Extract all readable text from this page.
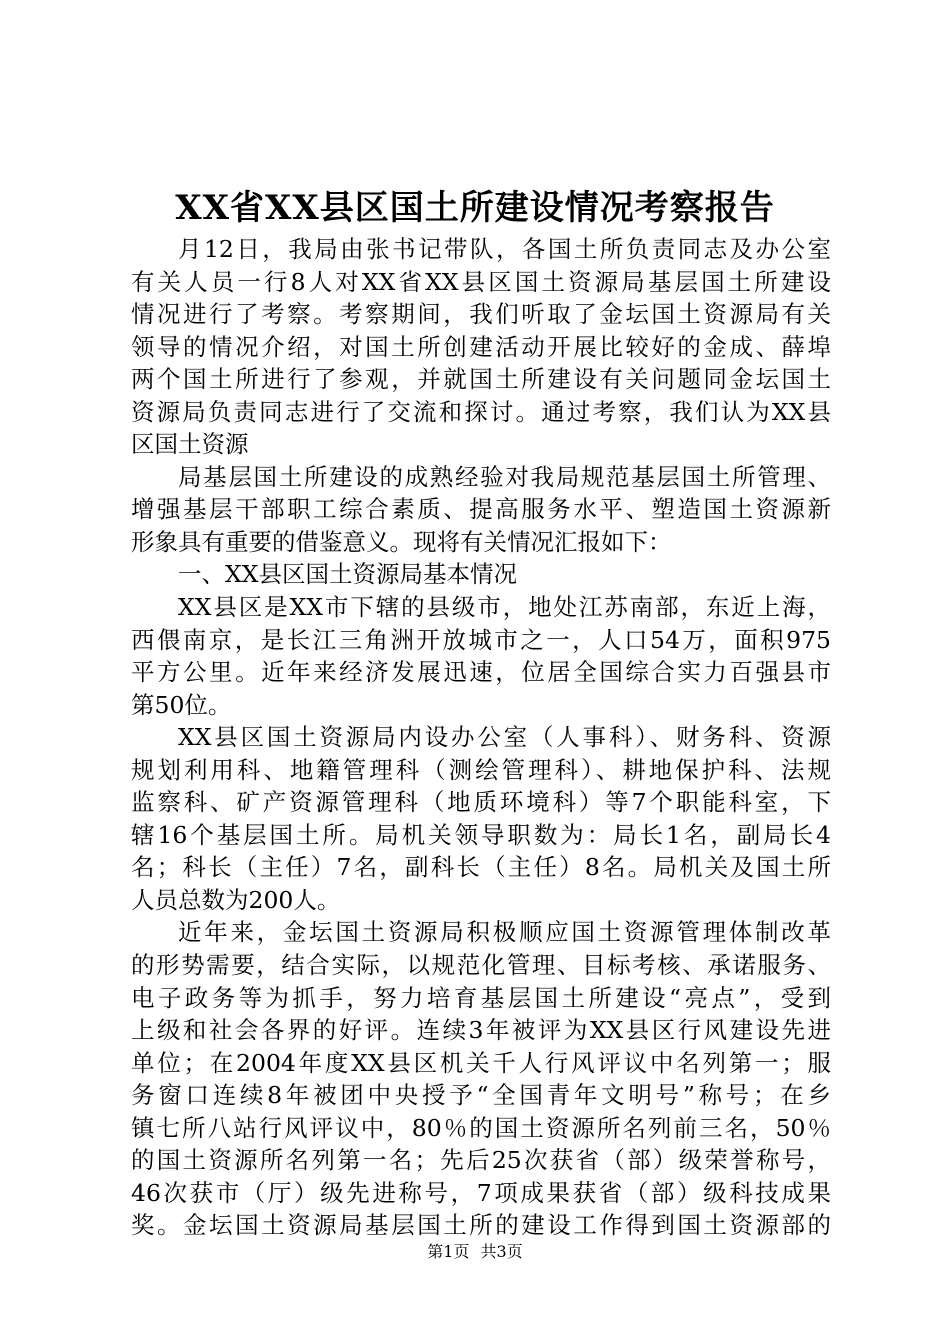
XX省XX县区国土所建设情况考察报告
月12日，我局由张书记带队，各国土所负责同志及办公室
有关人员一行8人对XX省XX县区国土资源局基层国土所建设
情况进行了考察。考察期间，我们听取了金坛国土资源局有关
领导的情况介绍，对国土所创建活动开展比较好的金成、薛埠
两个国土所进行了参观，并就国土所建设有关问题同金坛国土
资源局负责同志进行了交流和探讨。通过考察，我们认为XX县
区国土资源
局基层国土所建设的成熟经验对我局规范基层国土所管理、
增强基层干部职工综合素质、提高服务水平、塑造国土资源新
形象具有重要的借鉴意义。现将有关情况汇报如下：
一、XX县区国土资源局基本情况
XX县区是XX市下辖的县级市，地处江苏南部，东近上海，
西偎南京，是长江三角洲开放城市之一，人口54万，面积975
平方公里。近年来经济发展迅速，位居全国综合实力百强县市
第50位。
XX县区国土资源局内设办公室（人事科）、财务科、资源
规划利用科、地籍管理科（测绘管理科）、耕地保护科、法规
监察科、矿产资源管理科（地质环境科）等7个职能科室，下
辖16个基层国土所。局机关领导职数为：局长1名，副局长4
名；科长（主任）7名，副科长（主任）8名。局机关及国土所
人员总数为200人。
近年来，金坛国土资源局积极顺应国土资源管理体制改革
的形势需要，结合实际，以规范化管理、目标考核、承诺服务、
电子政务等为抓手，努力培育基层国土所建设“亮点”，受到
上级和社会各界的好评。连续3年被评为XX县区行风建设先进
单位；在2004年度XX县区机关千人行风评议中名列第一；服
务窗口连续8年被团中央授予“全国青年文明号”称号；在乡
镇七所八站行风评议中，80％的国土资源所名列前三名，50％
的国土资源所名列第一名；先后25次获省（部）级荣誉称号，
46次获市（厅）级先进称号，7项成果获省（部）级科技成果
奖。金坛国土资源局基层国土所的建设工作得到国土资源部的
第1页 共3页
